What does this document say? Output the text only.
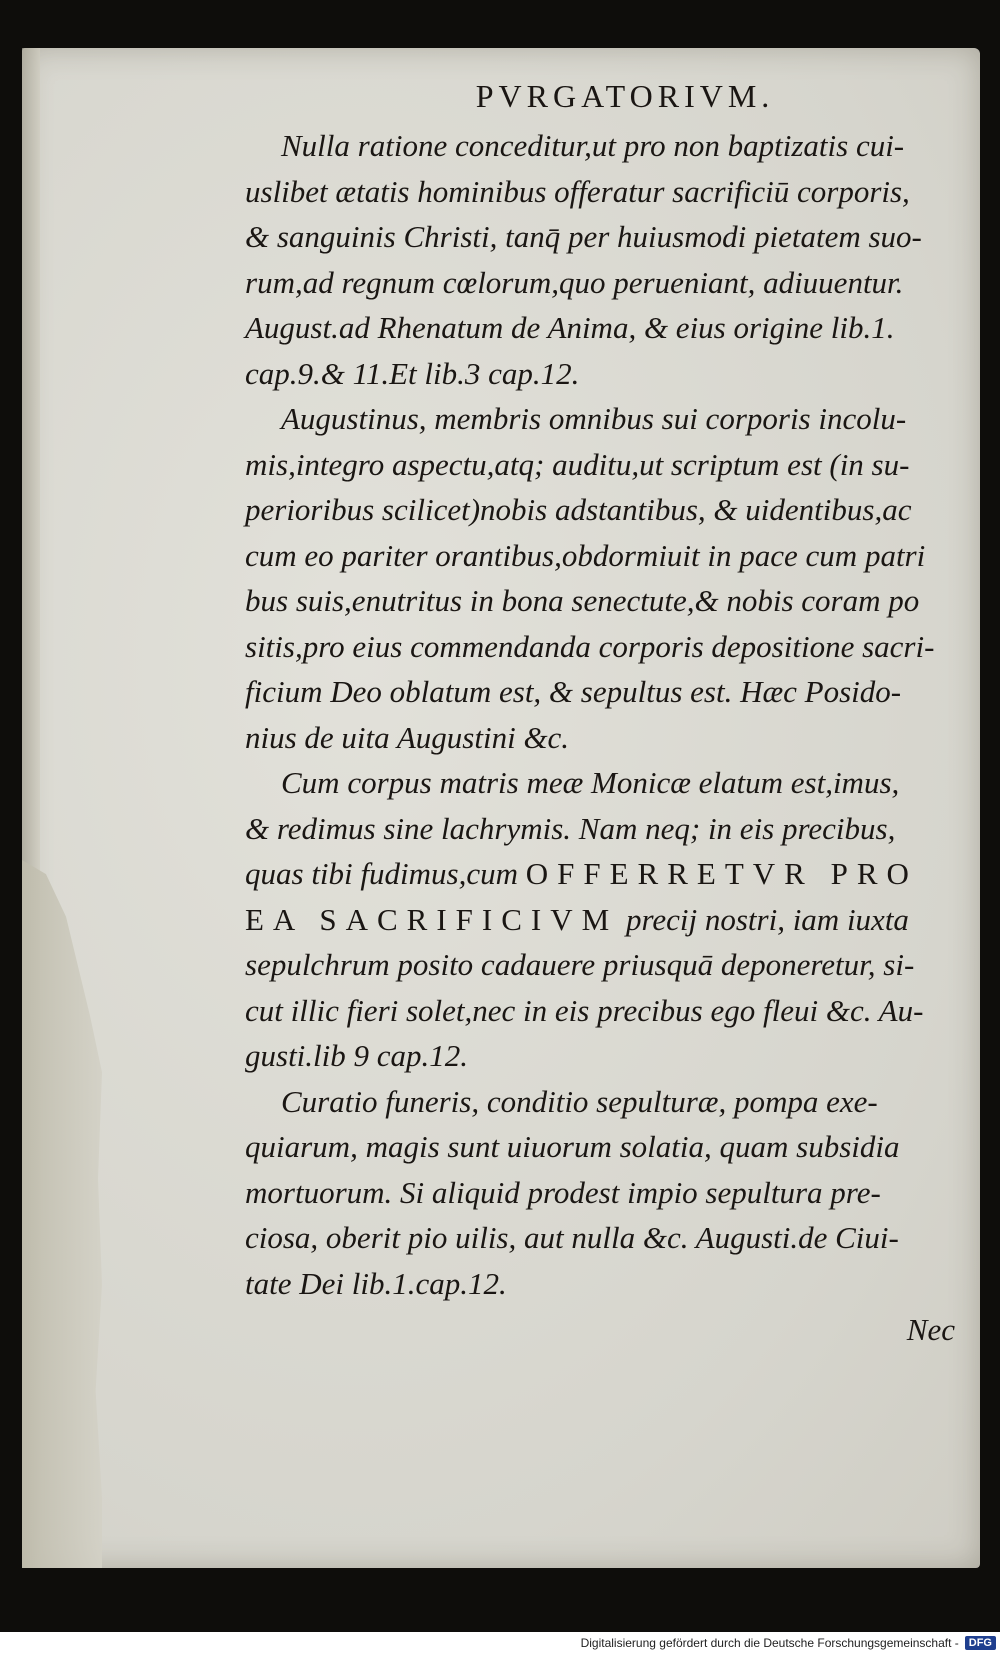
PVRGATORIVM.

Nulla ratione conceditur,ut pro non baptizatis cui-
uslibet ætatis hominibus offeratur sacrificiū corporis,
& sanguinis Christi, tanq̄ per huiusmodi pietatem suo-
rum,ad regnum cœlorum,quo perueniant, adiuuentur.
August.ad Rhenatum de Anima, & eius origine lib.1.
cap.9.& 11.Et lib.3 cap.12.

Augustinus, membris omnibus sui corporis incolu-
mis,integro aspectu,atq; auditu,ut scriptum est (in su-
perioribus scilicet)nobis adstantibus, & uidentibus,ac
cum eo pariter orantibus,obdormiuit in pace cum patri
bus suis,enutritus in bona senectute,& nobis coram po
sitis,pro eius commendanda corporis depositione sacri-
ficium Deo oblatum est, & sepultus est. Hæc Posido-
nius de uita Augustini &c.

Cum corpus matris meæ Monicæ elatum est,imus,
& redimus sine lachrymis. Nam neq; in eis precibus,
quas tibi fudimus,cum OFFERRETVR PRO
EA SACRIFICIVM precij nostri, iam iuxta
sepulchrum posito cadauere priusquā deponeretur, si-
cut illic fieri solet,nec in eis precibus ego fleui &c. Au-
gusti.lib 9 cap.12.

Curatio funeris, conditio sepulturæ, pompa exe-
quiarum, magis sunt uiuorum solatia, quam subsidia
mortuorum. Si aliquid prodest impio sepultura pre-
ciosa, oberit pio uilis, aut nulla &c. Augusti.de Ciui-
tate Dei lib.1.cap.12.

Nec
Digitalisierung gefördert durch die Deutsche Forschungsgemeinschaft - DFG
